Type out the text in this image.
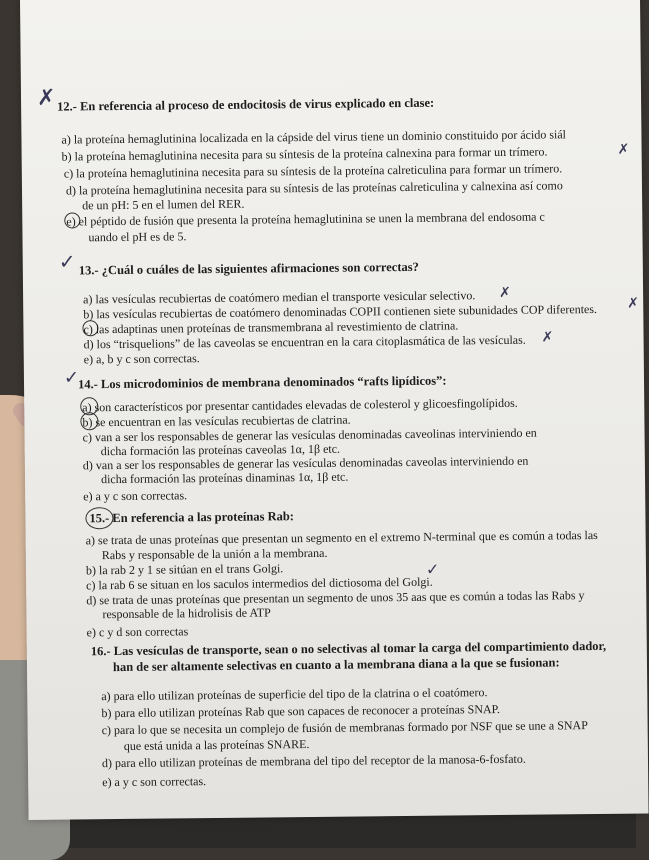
✗ 12.- En referencia al proceso de endocitosis de virus explicado en clase:
a) la proteína hemaglutinina localizada en la cápside del virus tiene un dominio constituido por ácido siál
b) la proteína hemaglutinina necesita para su síntesis de la proteína calnexina para formar un trímero.	✗
c) la proteína hemaglutinina necesita para su síntesis de la proteína calreticulina para formar un trímero.
d) la proteína hemaglutinina necesita para su síntesis de las proteínas calreticulina y calnexina así como
de un pH: 5 en el lumen del RER.
e) el péptido de fusión que presenta la proteína hemaglutinina se unen la membrana del endosoma c
uando el pH es de 5.
✓ 13.- ¿Cuál o cuáles de las siguientes afirmaciones son correctas?
a) las vesículas recubiertas de coatómero median el transporte vesicular selectivo. ✗
b) las vesículas recubiertas de coatómero denominadas COPII contienen siete subunidades COP diferentes. ✗
c) las adaptinas unen proteínas de transmembrana al revestimiento de clatrina.
d) los “trisquelions” de las caveolas se encuentran en la cara citoplasmática de las vesículas. ✗
e) a, b y c son correctas.
✓
14.- Los microdominios de membrana denominados “rafts lipídicos”:
a) son característicos por presentar cantidades elevadas de colesterol y glicoesfingolípidos.
b) se encuentran en las vesículas recubiertas de clatrina.
c) van a ser los responsables de generar las vesículas denominadas caveolinas interviniendo en
dicha formación las proteínas caveolas 1α, 1β etc.
d) van a ser los responsables de generar las vesículas denominadas caveolas interviniendo en
dicha formación las proteínas dinaminas 1α, 1β etc.
e) a y c son correctas.
15.- En referencia a las proteínas Rab:
a) se trata de unas proteínas que presentan un segmento en el extremo N-terminal que es común a todas las
Rabs y responsable de la unión a la membrana.
b) la rab 2 y 1 se sitúan en el trans Golgi.
c) la rab 6 se situan en los saculos intermedios del dictiosoma del Golgi.
✓
d) se trata de unas proteínas que presentan un segmento de unos 35 aas que es común a todas las Rabs y
responsable de la hidrolisis de ATP
e) c y d son correctas
16.- Las vesículas de transporte, sean o no selectivas al tomar la carga del compartimiento dador,
han de ser altamente selectivas en cuanto a la membrana diana a la que se fusionan:
a) para ello utilizan proteínas de superficie del tipo de la clatrina o el coatómero.
b) para ello utilizan proteínas Rab que son capaces de reconocer a proteínas SNAP.
c) para lo que se necesita un complejo de fusión de membranas formado por NSF que se une a SNAP
que está unida a las proteínas SNARE.
d) para ello utilizan proteínas de membrana del tipo del receptor de la manosa-6-fosfato.
e) a y c son correctas.
